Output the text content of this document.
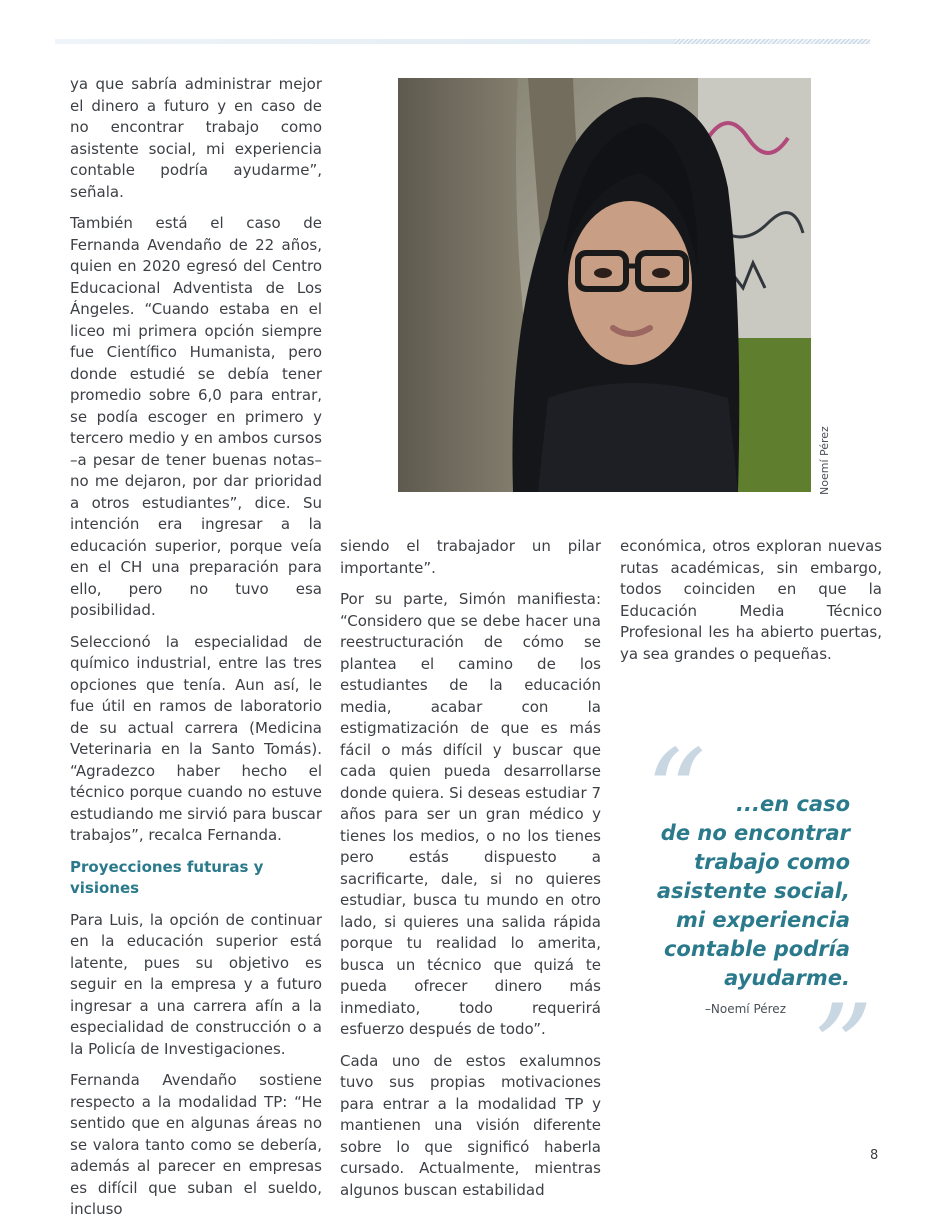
ya que sabría administrar mejor el dinero a futuro y en caso de no encontrar trabajo como asistente social, mi experiencia contable podría ayudarme”, señala.

También está el caso de Fernanda Avendaño de 22 años, quien en 2020 egresó del Centro Educacional Adventista de Los Ángeles. “Cuando estaba en el liceo mi primera opción siempre fue Científico Humanista, pero donde estudié se debía tener promedio sobre 6,0 para entrar, se podía escoger en primero y tercero medio y en ambos cursos –a pesar de tener buenas notas– no me dejaron, por dar prioridad a otros estudiantes”, dice. Su intención era ingresar a la educación superior, porque veía en el CH una preparación para ello, pero no tuvo esa posibilidad.

Seleccionó la especialidad de químico industrial, entre las tres opciones que tenía. Aun así, le fue útil en ramos de laboratorio de su actual carrera (Medicina Veterinaria en la Santo Tomás). “Agradezco haber hecho el técnico porque cuando no estuve estudiando me sirvió para buscar trabajos”, recalca Fernanda.

Proyecciones futuras y visiones

Para Luis, la opción de continuar en la educación superior está latente, pues su objetivo es seguir en la empresa y a futuro ingresar a una carrera afín a la especialidad de construcción o a la Policía de Investigaciones.

Fernanda Avendaño sostiene respecto a la modalidad TP: “He sentido que en algunas áreas no se valora tanto como se debería, además al parecer en empresas es difícil que suban el sueldo, incluso

Noemí Pérez

siendo el trabajador un pilar importante”.

Por su parte, Simón manifiesta: “Considero que se debe hacer una reestructuración de cómo se plantea el camino de los estudiantes de la educación media, acabar con la estigmatización de que es más fácil o más difícil y buscar que cada quien pueda desarrollarse donde quiera. Si deseas estudiar 7 años para ser un gran médico y tienes los medios, o no los tienes pero estás dispuesto a sacrificarte, dale, si no quieres estudiar, busca tu mundo en otro lado, si quieres una salida rápida porque tu realidad lo amerita, busca un técnico que quizá te pueda ofrecer dinero más inmediato, todo requerirá esfuerzo después de todo”.

Cada uno de estos exalumnos tuvo sus propias motivaciones para entrar a la modalidad TP y mantienen una visión diferente sobre lo que significó haberla cursado. Actualmente, mientras algunos buscan estabilidad

económica, otros exploran nuevas rutas académicas, sin embargo, todos coinciden en que la Educación Media Técnico Profesional les ha abierto puertas, ya sea grandes o pequeñas.

“	...en caso
de no encontrar
trabajo como
asistente social,
mi experiencia
contable podría
ayudarme.
–Noemí Pérez ”
8
